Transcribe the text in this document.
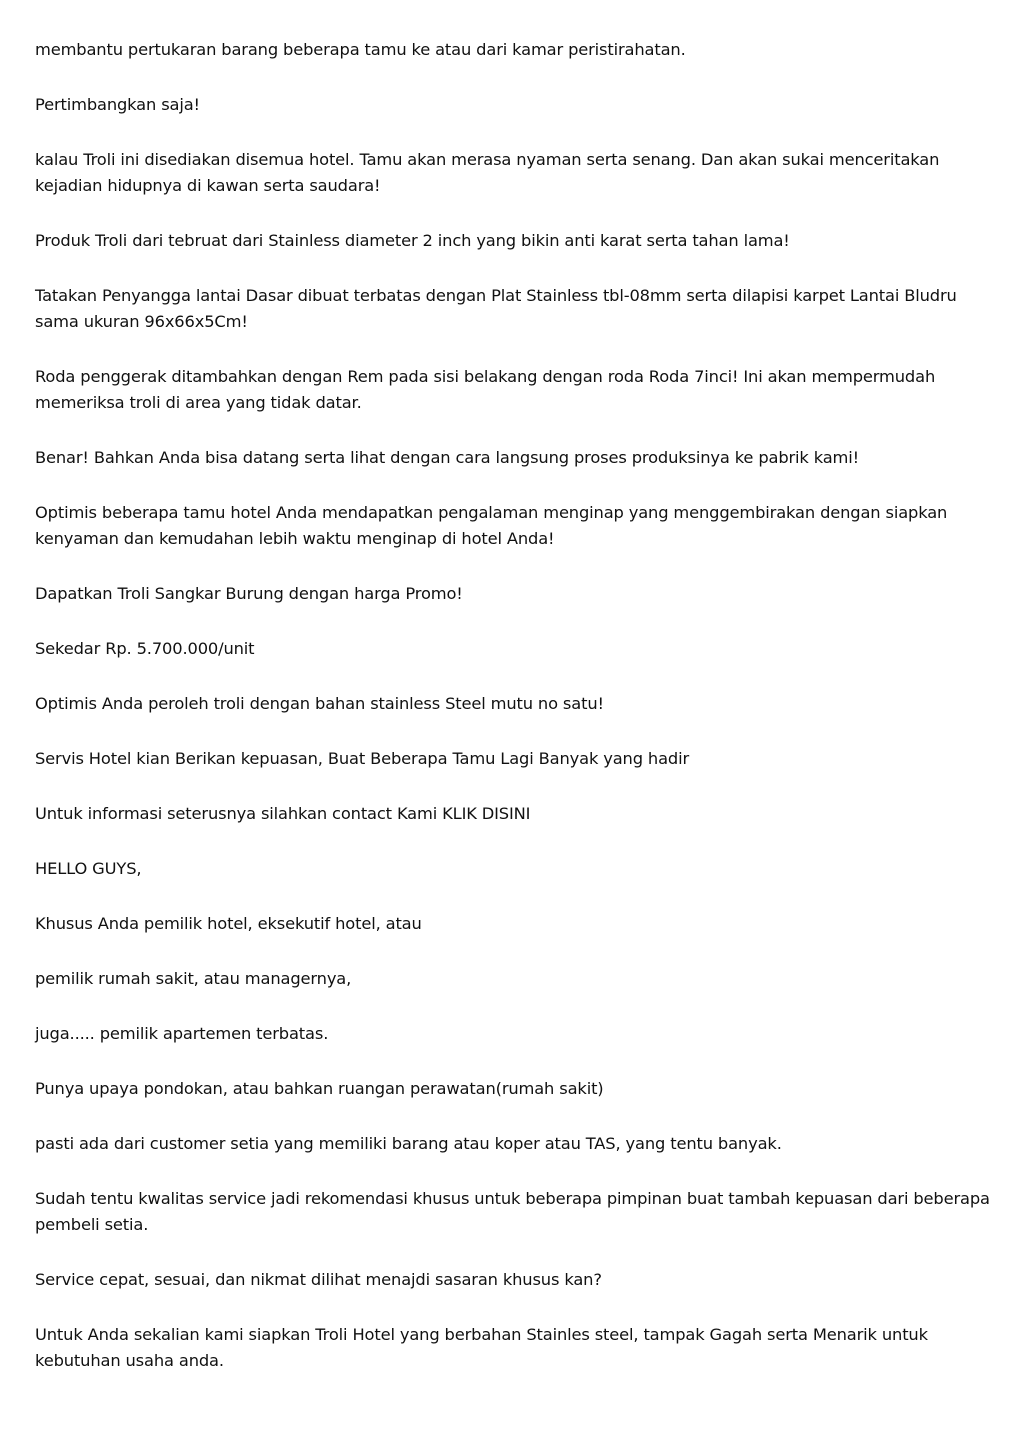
membantu pertukaran barang beberapa tamu ke atau dari kamar peristirahatan.

Pertimbangkan saja!

kalau Troli ini disediakan disemua hotel. Tamu akan merasa nyaman serta senang. Dan akan sukai menceritakan kejadian hidupnya di kawan serta saudara!

Produk Troli dari tebruat dari Stainless diameter 2 inch yang bikin anti karat serta tahan lama!

Tatakan Penyangga lantai Dasar dibuat terbatas dengan Plat Stainless tbl-08mm serta dilapisi karpet Lantai Bludru sama ukuran 96x66x5Cm!

Roda penggerak ditambahkan dengan Rem pada sisi belakang dengan roda Roda 7inci! Ini akan mempermudah memeriksa troli di area yang tidak datar.

Benar! Bahkan Anda bisa datang serta lihat dengan cara langsung proses produksinya ke pabrik kami!

Optimis beberapa tamu hotel Anda mendapatkan pengalaman menginap yang menggembirakan dengan siapkan kenyaman dan kemudahan lebih waktu menginap di hotel Anda!

Dapatkan Troli Sangkar Burung dengan harga Promo!

Sekedar Rp. 5.700.000/unit

Optimis Anda peroleh troli dengan bahan stainless Steel mutu no satu!

Servis Hotel kian Berikan kepuasan, Buat Beberapa Tamu Lagi Banyak yang hadir

Untuk informasi seterusnya silahkan contact Kami KLIK DISINI

HELLO GUYS,

Khusus Anda pemilik hotel, eksekutif hotel, atau

pemilik rumah sakit, atau managernya,

juga..... pemilik apartemen terbatas.

Punya upaya pondokan, atau bahkan ruangan perawatan(rumah sakit)

pasti ada dari customer setia yang memiliki barang atau koper atau TAS, yang tentu banyak.

Sudah tentu kwalitas service jadi rekomendasi khusus untuk beberapa pimpinan buat tambah kepuasan dari beberapa pembeli setia.

Service cepat, sesuai, dan nikmat dilihat menajdi sasaran khusus kan?

Untuk Anda sekalian kami siapkan Troli Hotel yang berbahan Stainles steel, tampak Gagah serta Menarik untuk kebutuhan usaha anda.
